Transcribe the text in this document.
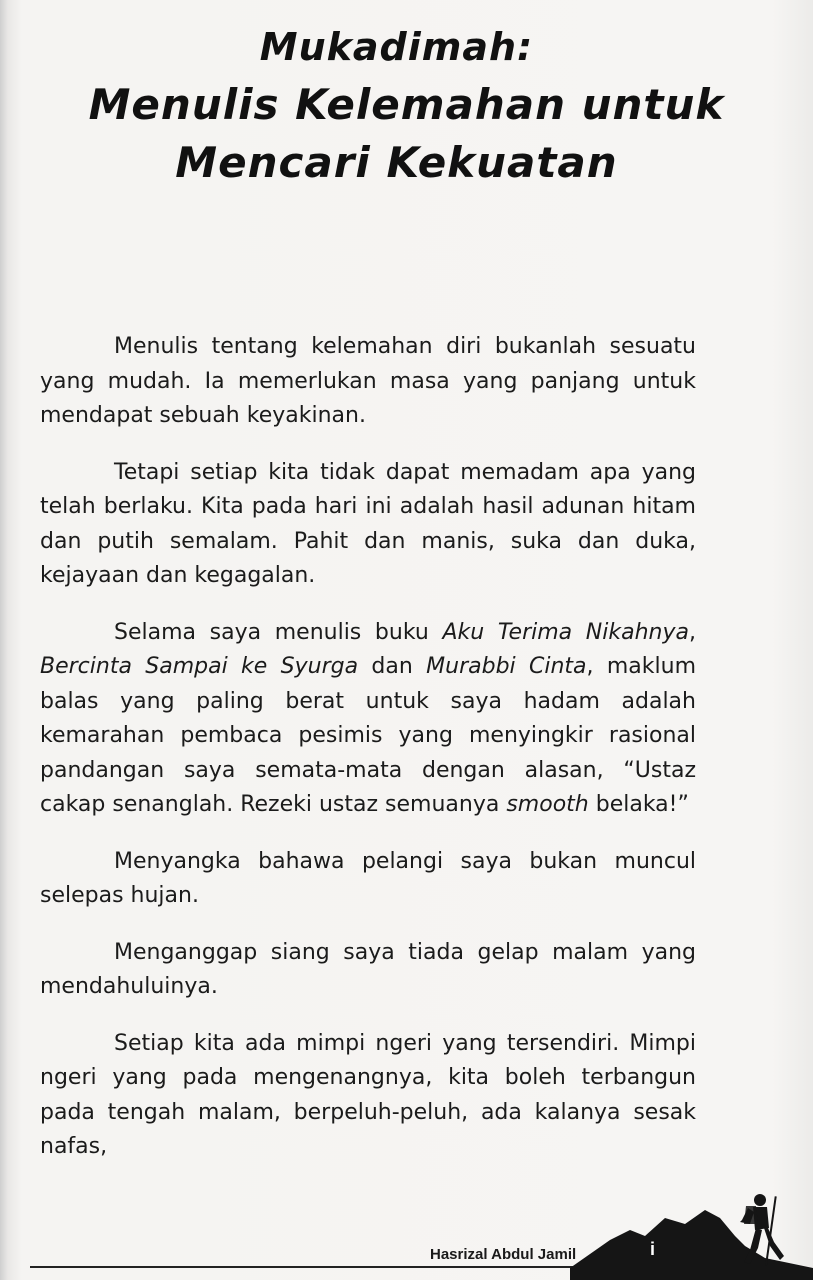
Mukadimah:
Menulis Kelemahan untuk
Mencari Kekuatan

Menulis tentang kelemahan diri bukanlah sesuatu yang mudah. Ia memerlukan masa yang panjang untuk mendapat sebuah keyakinan.

Tetapi setiap kita tidak dapat memadam apa yang telah berlaku. Kita pada hari ini adalah hasil adunan hitam dan putih semalam. Pahit dan manis, suka dan duka, kejayaan dan kegagalan.

Selama saya menulis buku Aku Terima Nikahnya, Bercinta Sampai ke Syurga dan Murabbi Cinta, maklum balas yang paling berat untuk saya hadam adalah kemarahan pembaca pesimis yang menyingkir rasional pandangan saya semata-mata dengan alasan, “Ustaz cakap senanglah. Rezeki ustaz semuanya smooth belaka!”

Menyangka bahawa pelangi saya bukan muncul selepas hujan.

Menganggap siang saya tiada gelap malam yang mendahuluinya.

Setiap kita ada mimpi ngeri yang tersendiri. Mimpi ngeri yang pada mengenangnya, kita boleh terbangun pada tengah malam, berpeluh-peluh, ada kalanya sesak nafas,

Hasrizal Abdul Jamil	i
